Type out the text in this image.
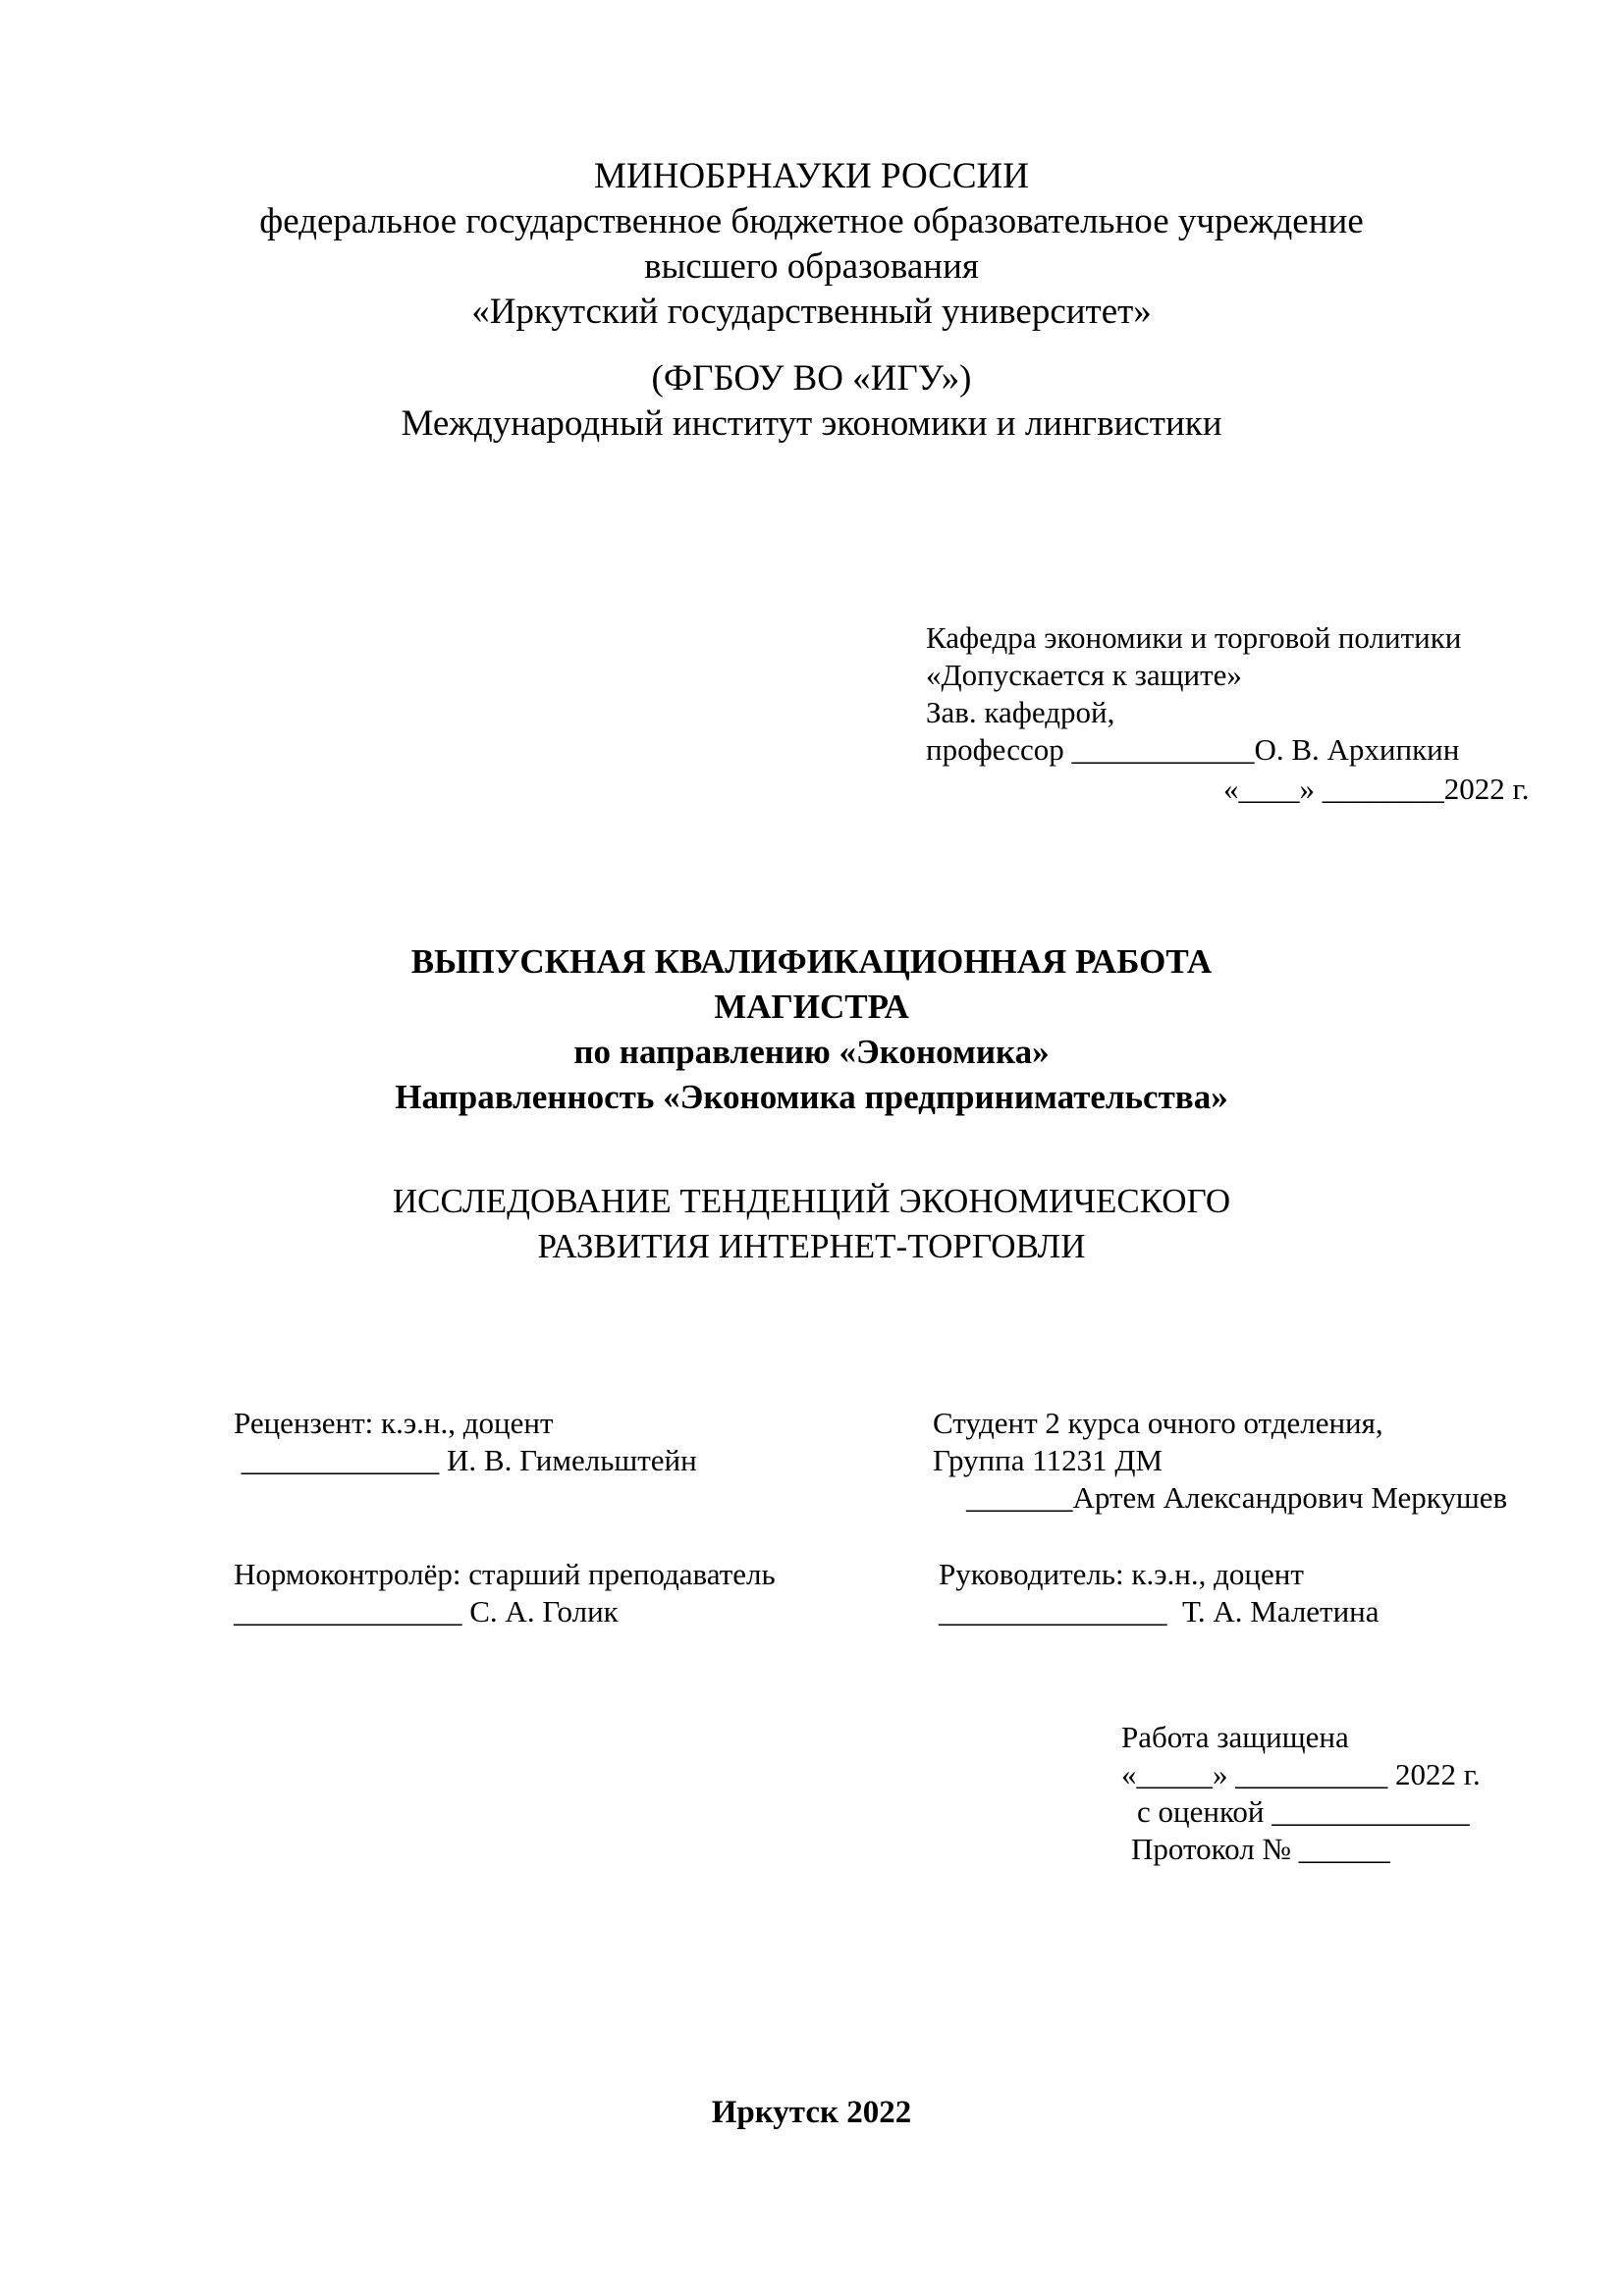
МИНОБРНАУКИ РОССИИ
федеральное государственное бюджетное образовательное учреждение
высшего образования
«Иркутский государственный университет»
(ФГБОУ ВО «ИГУ»)
Международный институт экономики и лингвистики
Кафедра экономики и торговой политики
«Допускается к защите»
Зав. кафедрой,
профессор ____________О. В. Архипкин
«____» ________2022 г.
ВЫПУСКНАЯ КВАЛИФИКАЦИОННАЯ РАБОТА
МАГИСТРА
по направлению «Экономика»
Направленность «Экономика предпринимательства»
ИССЛЕДОВАНИЕ ТЕНДЕНЦИЙ ЭКОНОМИЧЕСКОГО
РАЗВИТИЯ ИНТЕРНЕТ-ТОРГОВЛИ
Рецензент: к.э.н., доцент
_____________ И. В. Гимельштейн
Нормоконтролёр: старший преподаватель
_______________ С. А. Голик
Студент 2 курса очного отделения,
Группа 11231 ДМ
_______Артем Александрович Меркушев
Руководитель: к.э.н., доцент
_______________  Т. А. Малетина
Работа защищена
«_____» __________ 2022 г.
с оценкой _____________
Протокол № ______
Иркутск 2022
